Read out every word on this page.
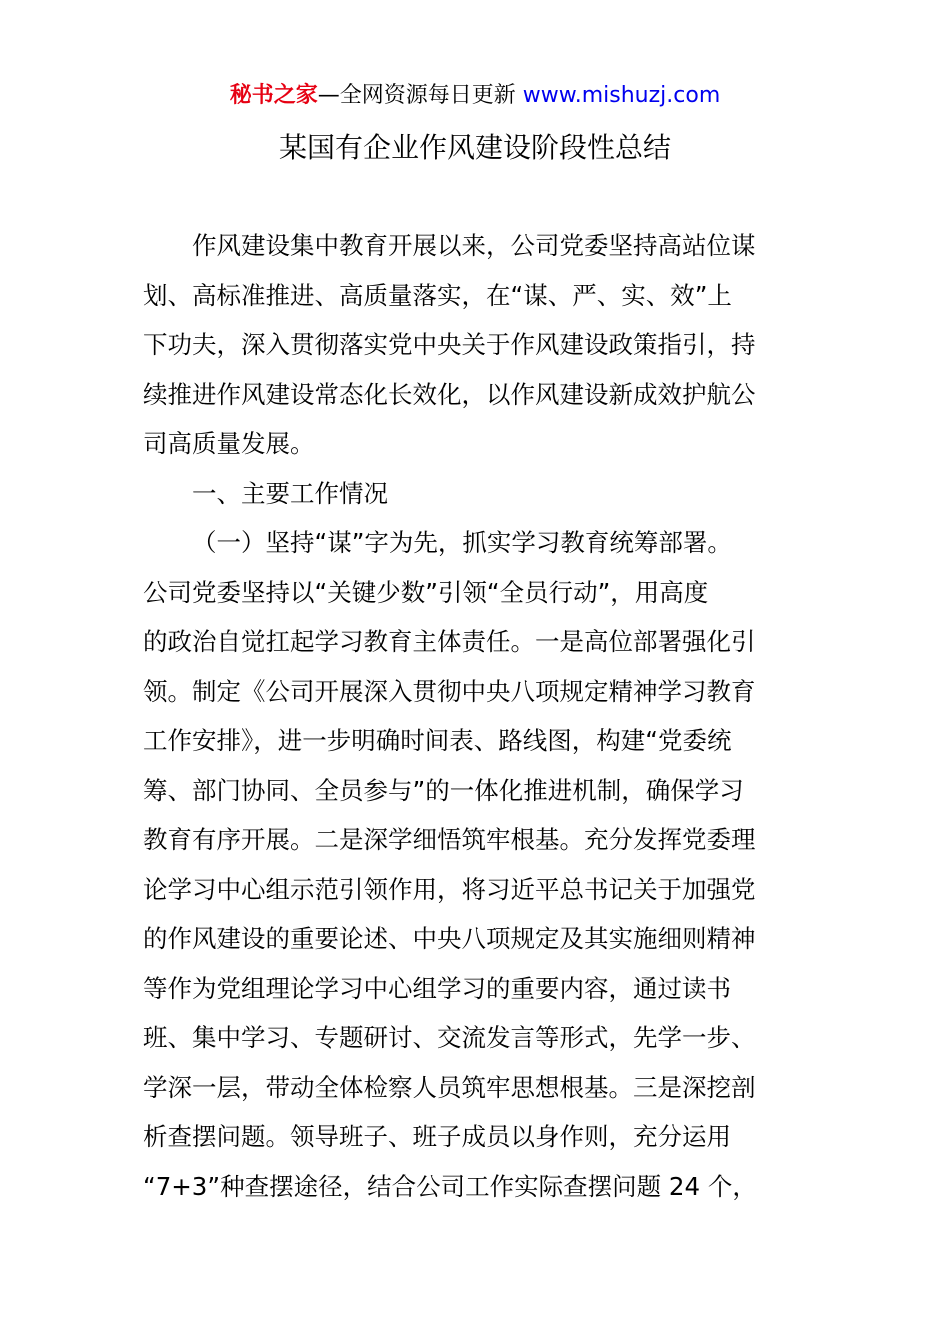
秘书之家—全网资源每日更新 www.mishuzj.com
某国有企业作风建设阶段性总结
作风建设集中教育开展以来，公司党委坚持高站位谋
划、高标准推进、高质量落实，在“谋、严、实、效”上
下功夫，深入贯彻落实党中央关于作风建设政策指引，持
续推进作风建设常态化长效化，以作风建设新成效护航公
司高质量发展。
一、主要工作情况
（一）坚持“谋”字为先，抓实学习教育统筹部署。
公司党委坚持以“关键少数”引领“全员行动”，用高度
的政治自觉扛起学习教育主体责任。一是高位部署强化引
领。制定《公司开展深入贯彻中央八项规定精神学习教育
工作安排》，进一步明确时间表、路线图，构建“党委统
筹、部门协同、全员参与”的一体化推进机制，确保学习
教育有序开展。二是深学细悟筑牢根基。充分发挥党委理
论学习中心组示范引领作用，将习近平总书记关于加强党
的作风建设的重要论述、中央八项规定及其实施细则精神
等作为党组理论学习中心组学习的重要内容，通过读书
班、集中学习、专题研讨、交流发言等形式，先学一步、
学深一层，带动全体检察人员筑牢思想根基。三是深挖剖
析查摆问题。领导班子、班子成员以身作则，充分运用
“7+3”种查摆途径，结合公司工作实际查摆问题 24 个，
